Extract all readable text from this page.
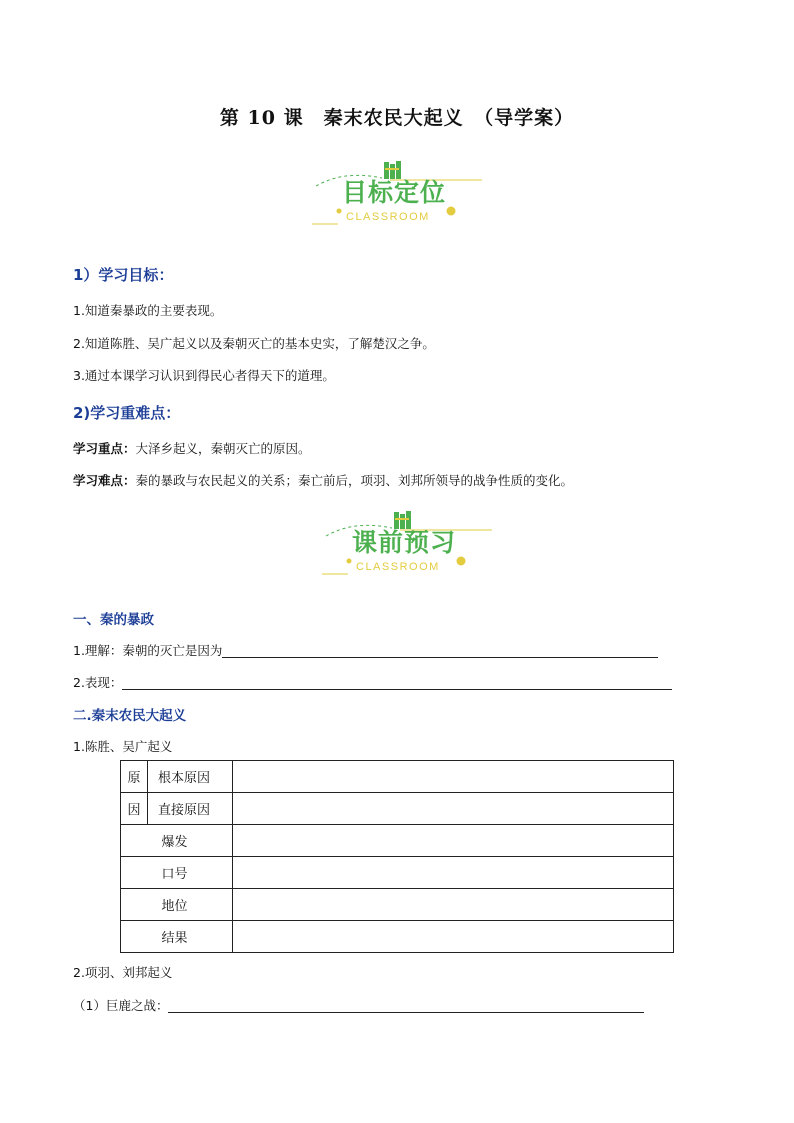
第 10 课　秦末农民大起义　（导学案）
目标定位
CLASSROOM
1）学习目标：
1.知道秦暴政的主要表现。
2.知道陈胜、吴广起义以及秦朝灭亡的基本史实，了解楚汉之争。
3.通过本课学习认识到得民心者得天下的道理。
2)学习重难点：
学习重点：大泽乡起义，秦朝灭亡的原因。
学习难点：秦的暴政与农民起义的关系；秦亡前后，项羽、刘邦所领导的战争性质的变化。
课前预习
CLASSROOM
一、秦的暴政
1.理解：秦朝的灭亡是因为
2.表现：
二.秦末农民大起义
1.陈胜、吴广起义
原	根本原因	
因	直接原因	
爆发		
口号		
地位		
结果		
2.项羽、刘邦起义
（1）巨鹿之战：
